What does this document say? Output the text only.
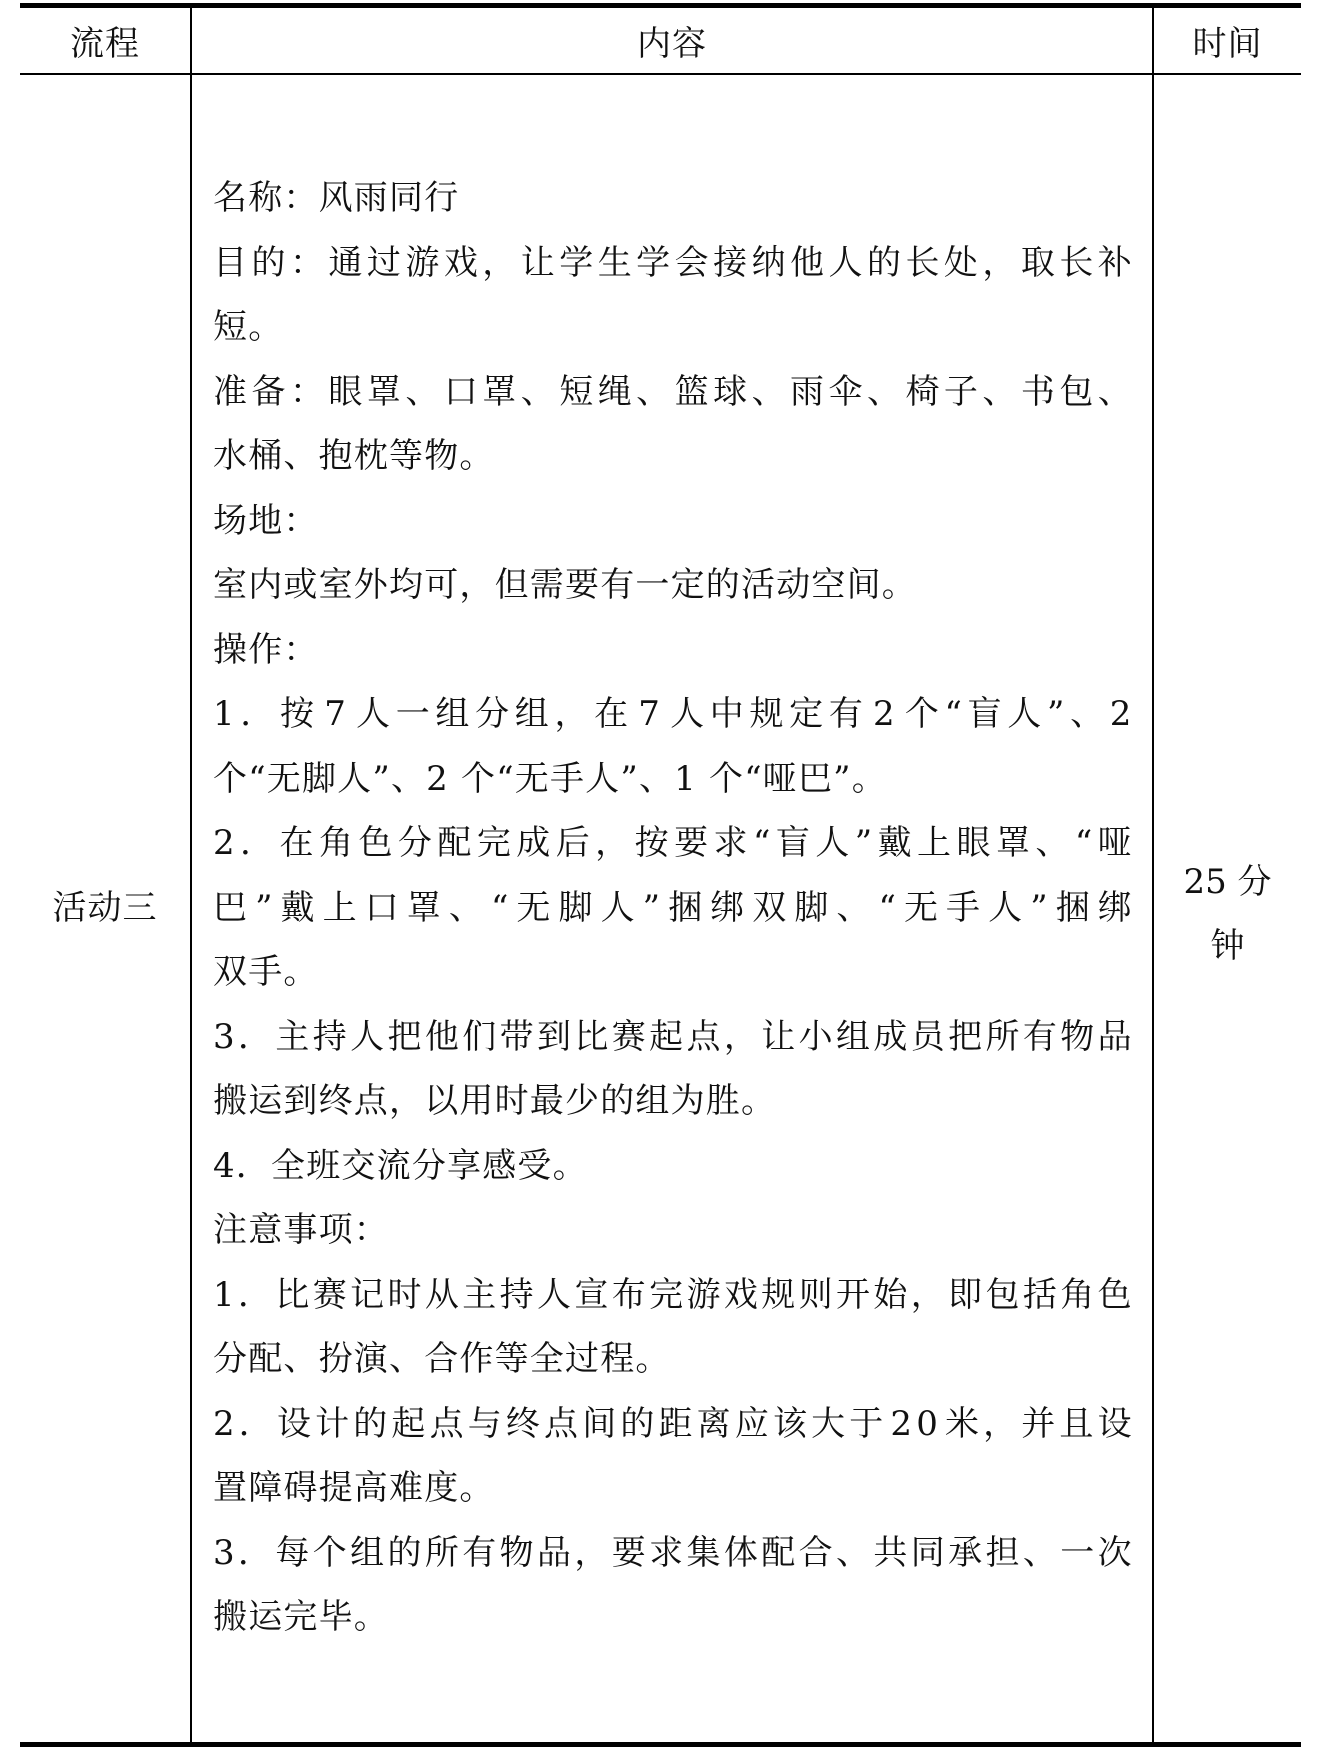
流程	内容	时间
活动三
25 分
钟
名称：风雨同行
目 的 ： 通 过 游 戏 ， 让 学 生 学 会 接 纳 他 人 的 长 处 ， 取 长 补
短。
准 备 ： 眼 罩 、 口 罩 、 短 绳 、 篮 球 、 雨 伞 、 椅 子 、 书 包 、
水桶、抱枕等物。
场地：
室内或室外均可，但需要有一定的活动空间。
操作：
1 ． 按 7 人 一 组 分 组 ， 在 7 人 中 规 定 有 2 个 “ 盲 人 ” 、 2
个“无脚人”、2 个“无手人”、1 个“哑巴”。
2 ． 在 角 色 分 配 完 成 后 ， 按 要 求 “ 盲 人 ” 戴 上 眼 罩 、 “ 哑
巴 ” 戴 上 口 罩 、 “ 无 脚 人 ” 捆 绑 双 脚 、 “ 无 手 人 ” 捆 绑
双手。
3 ． 主 持 人 把 他 们 带 到 比 赛 起 点 ， 让 小 组 成 员 把 所 有 物 品
搬运到终点，以用时最少的组为胜。
4．全班交流分享感受。
注意事项：
1 ． 比 赛 记 时 从 主 持 人 宣 布 完 游 戏 规 则 开 始 ， 即 包 括 角 色
分配、扮演、合作等全过程。
2 ． 设 计 的 起 点 与 终 点 间 的 距 离 应 该 大 于 2 0 米 ， 并 且 设
置障碍提高难度。
3 ． 每 个 组 的 所 有 物 品 ， 要 求 集 体 配 合 、 共 同 承 担 、 一 次
搬运完毕。
